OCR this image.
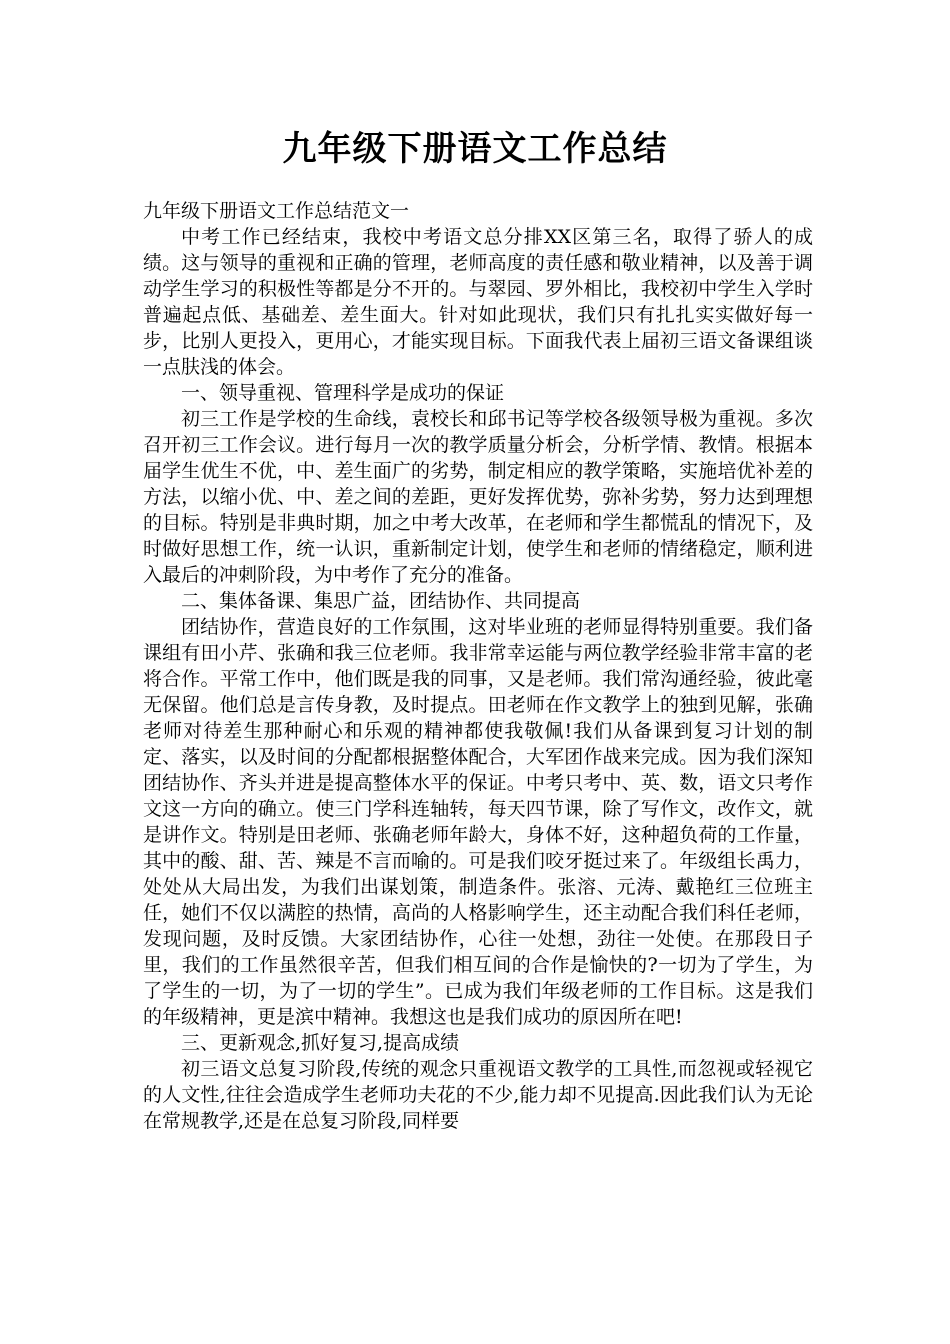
九年级下册语文工作总结

九年级下册语文工作总结范文一

中考工作已经结束，我校中考语文总分排XX区第三名，取得了骄人的成绩。这与领导的重视和正确的管理，老师高度的责任感和敬业精神，以及善于调动学生学习的积极性等都是分不开的。与翠园、罗外相比，我校初中学生入学时普遍起点低、基础差、差生面大。针对如此现状，我们只有扎扎实实做好每一步，比别人更投入，更用心，才能实现目标。下面我代表上届初三语文备课组谈一点肤浅的体会。

一、领导重视、管理科学是成功的保证

初三工作是学校的生命线，袁校长和邱书记等学校各级领导极为重视。多次召开初三工作会议。进行每月一次的教学质量分析会，分析学情、教情。根据本届学生优生不优，中、差生面广的劣势，制定相应的教学策略，实施培优补差的方法，以缩小优、中、差之间的差距，更好发挥优势，弥补劣势，努力达到理想的目标。特别是非典时期，加之中考大改革，在老师和学生都慌乱的情况下，及时做好思想工作，统一认识，重新制定计划，使学生和老师的情绪稳定，顺利进入最后的冲刺阶段，为中考作了充分的准备。

二、集体备课、集思广益，团结协作、共同提高

团结协作，营造良好的工作氛围，这对毕业班的老师显得特别重要。我们备课组有田小芹、张确和我三位老师。我非常幸运能与两位教学经验非常丰富的老将合作。平常工作中，他们既是我的同事，又是老师。我们常沟通经验，彼此毫无保留。他们总是言传身教，及时提点。田老师在作文教学上的独到见解，张确老师对待差生那种耐心和乐观的精神都使我敬佩!我们从备课到复习计划的制定、落实，以及时间的分配都根据整体配合，大军团作战来完成。因为我们深知团结协作、齐头并进是提高整体水平的保证。中考只考中、英、数，语文只考作文这一方向的确立。使三门学科连轴转，每天四节课，除了写作文，改作文，就是讲作文。特别是田老师、张确老师年龄大，身体不好，这种超负荷的工作量，其中的酸、甜、苦、辣是不言而喻的。可是我们咬牙挺过来了。年级组长禹力，处处从大局出发，为我们出谋划策，制造条件。张溶、元涛、戴艳红三位班主任，她们不仅以满腔的热情，高尚的人格影响学生，还主动配合我们科任老师，发现问题，及时反馈。大家团结协作，心往一处想，劲往一处使。在那段日子里，我们的工作虽然很辛苦，但我们相互间的合作是愉快的?一切为了学生，为了学生的一切，为了一切的学生”。已成为我们年级老师的工作目标。这是我们的年级精神，更是滨中精神。我想这也是我们成功的原因所在吧!

三、更新观念,抓好复习,提高成绩

初三语文总复习阶段,传统的观念只重视语文教学的工具性,而忽视或轻视它的人文性,往往会造成学生老师功夫花的不少,能力却不见提高.因此我们认为无论在常规教学,还是在总复习阶段,同样要
